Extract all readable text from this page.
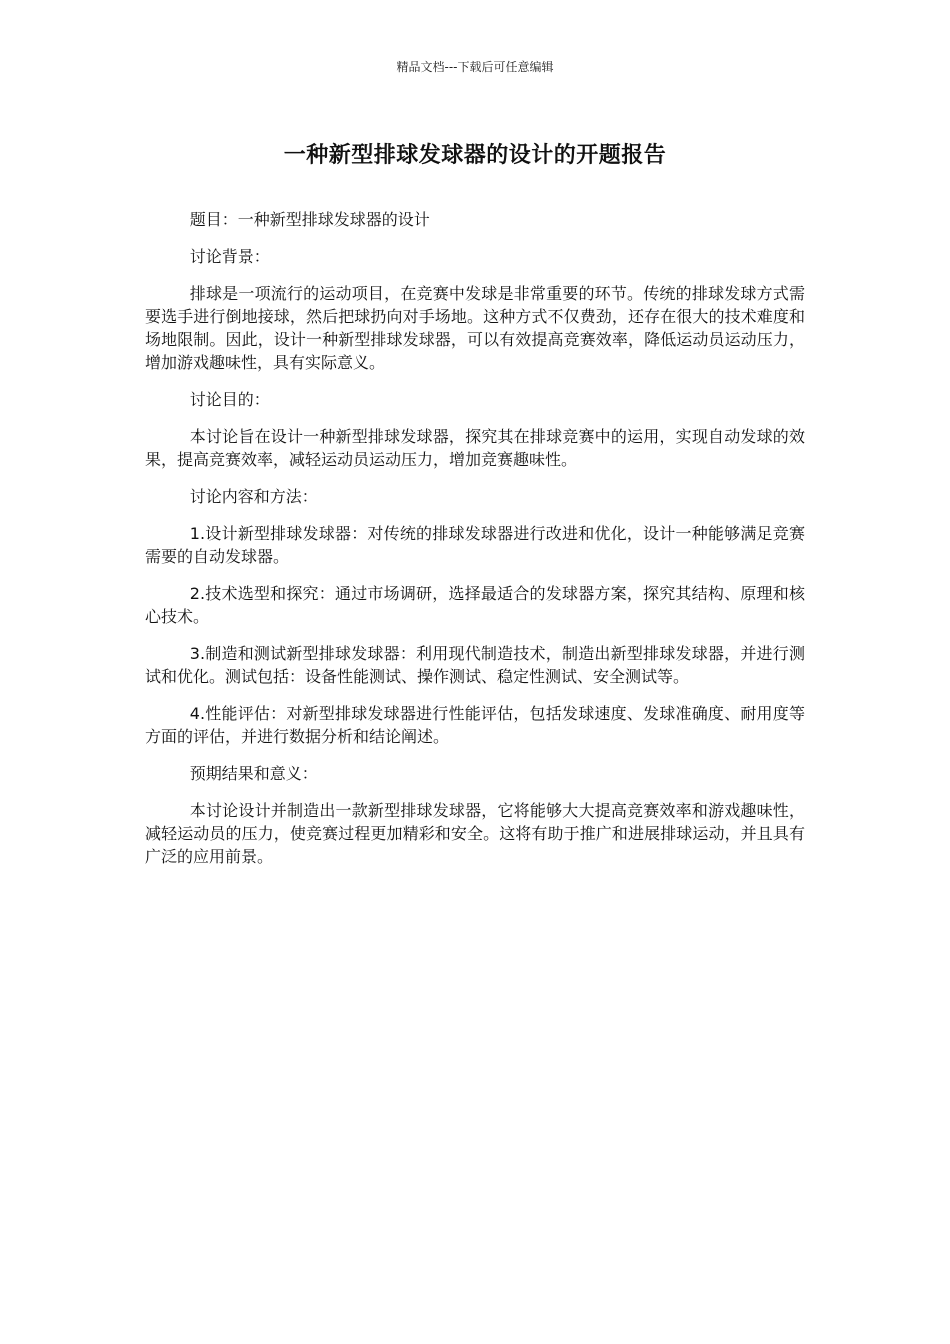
精品文档---下载后可任意编辑
一种新型排球发球器的设计的开题报告

题目：一种新型排球发球器的设计

讨论背景：

排球是一项流行的运动项目，在竞赛中发球是非常重要的环节。传统的排球发球方式需要选手进行倒地接球，然后把球扔向对手场地。这种方式不仅费劲，还存在很大的技术难度和场地限制。因此，设计一种新型排球发球器，可以有效提高竞赛效率，降低运动员运动压力，增加游戏趣味性，具有实际意义。

讨论目的：

本讨论旨在设计一种新型排球发球器，探究其在排球竞赛中的运用，实现自动发球的效果，提高竞赛效率，减轻运动员运动压力，增加竞赛趣味性。

讨论内容和方法：

1.设计新型排球发球器：对传统的排球发球器进行改进和优化，设计一种能够满足竞赛需要的自动发球器。

2.技术选型和探究：通过市场调研，选择最适合的发球器方案，探究其结构、原理和核心技术。

3.制造和测试新型排球发球器：利用现代制造技术，制造出新型排球发球器，并进行测试和优化。测试包括：设备性能测试、操作测试、稳定性测试、安全测试等。

4.性能评估：对新型排球发球器进行性能评估，包括发球速度、发球准确度、耐用度等方面的评估，并进行数据分析和结论阐述。

预期结果和意义：

本讨论设计并制造出一款新型排球发球器，它将能够大大提高竞赛效率和游戏趣味性，减轻运动员的压力，使竞赛过程更加精彩和安全。这将有助于推广和进展排球运动，并且具有广泛的应用前景。
